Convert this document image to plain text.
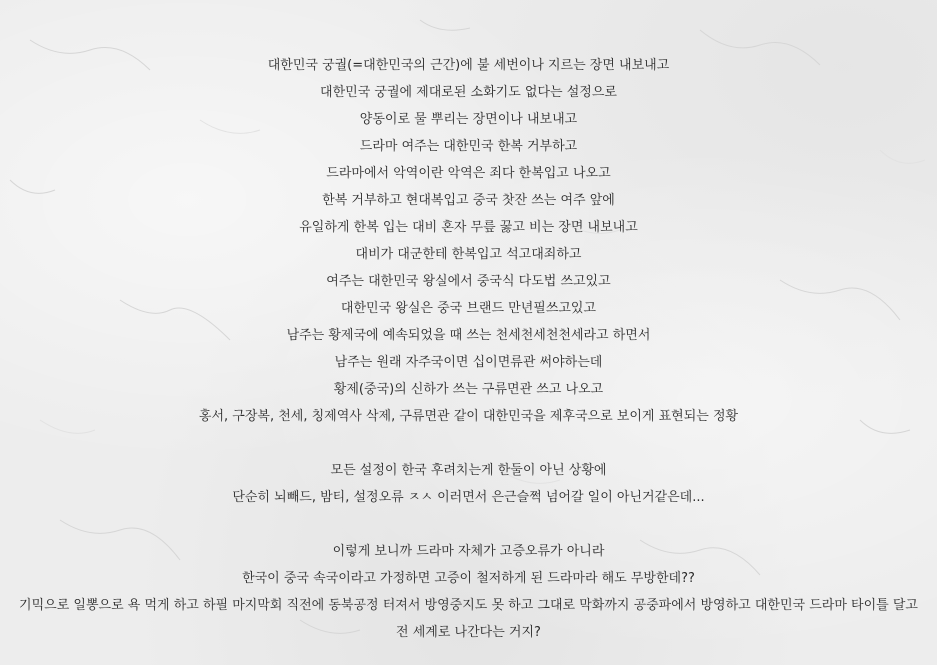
대한민국 궁궐(=대한민국의 근간)에 불 세번이나 지르는 장면 내보내고
대한민국 궁궐에 제대로된 소화기도 없다는 설정으로
양동이로 물 뿌리는 장면이나 내보내고
드라마 여주는 대한민국 한복 거부하고
드라마에서 악역이란 악역은 죄다 한복입고 나오고
한복 거부하고 현대복입고 중국 찻잔 쓰는 여주 앞에
유일하게 한복 입는 대비 혼자 무릎 꿇고 비는 장면 내보내고
대비가 대군한테 한복입고 석고대죄하고
여주는 대한민국 왕실에서 중국식 다도법 쓰고있고
대한민국 왕실은 중국 브랜드 만년필쓰고있고
남주는 황제국에 예속되었을 때 쓰는 천세천세천천세라고 하면서
남주는 원래 자주국이면 십이면류관 써야하는데
황제(중국)의 신하가 쓰는 구류면관 쓰고 나오고
홍서, 구장복, 천세, 칭제역사 삭제, 구류면관 같이 대한민국을 제후국으로 보이게 표현되는 정황
모든 설정이 한국 후려치는게 한둘이 아닌 상황에
단순히 뇌빼드, 밤티, 설정오류 ㅈㅅ 이러면서 은근슬쩍 넘어갈 일이 아닌거같은데...
이렇게 보니까 드라마 자체가 고증오류가 아니라
한국이 중국 속국이라고 가정하면 고증이 철저하게 된 드라마라 해도 무방한데??
기믹으로 일뽕으로 욕 먹게 하고 하필 마지막회 직전에 동북공정 터져서 방영중지도 못 하고 그대로 막화까지 공중파에서 방영하고 대한민국 드라마 타이틀 달고 전 세계로 나간다는 거지?
